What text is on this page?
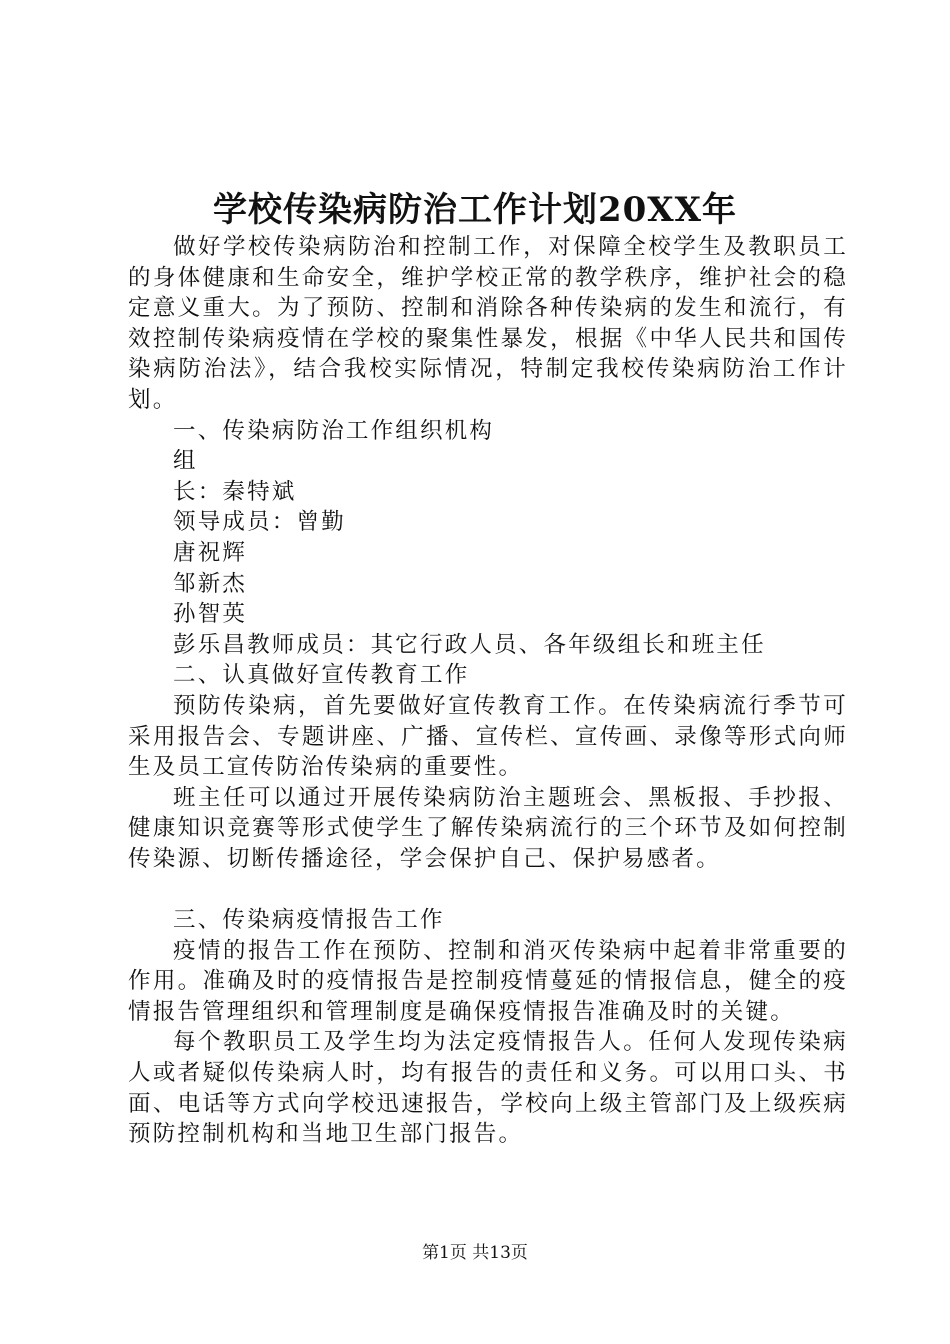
学校传染病防治工作计划20XX年

做好学校传染病防治和控制工作，对保障全校学生及教职员工的身体健康和生命安全，维护学校正常的教学秩序，维护社会的稳定意义重大。为了预防、控制和消除各种传染病的发生和流行，有效控制传染病疫情在学校的聚集性暴发，根据《中华人民共和国传染病防治法》，结合我校实际情况，特制定我校传染病防治工作计划。

一、传染病防治工作组织机构

组

长：秦特斌

领导成员：曾勤

唐祝辉

邹新杰

孙智英

彭乐昌教师成员：其它行政人员、各年级组长和班主任

二、认真做好宣传教育工作

预防传染病，首先要做好宣传教育工作。在传染病流行季节可采用报告会、专题讲座、广播、宣传栏、宣传画、录像等形式向师生及员工宣传防治传染病的重要性。

班主任可以通过开展传染病防治主题班会、黑板报、手抄报、健康知识竞赛等形式使学生了解传染病流行的三个环节及如何控制传染源、切断传播途径，学会保护自己、保护易感者。

三、传染病疫情报告工作

疫情的报告工作在预防、控制和消灭传染病中起着非常重要的作用。准确及时的疫情报告是控制疫情蔓延的情报信息，健全的疫情报告管理组织和管理制度是确保疫情报告准确及时的关键。

每个教职员工及学生均为法定疫情报告人。任何人发现传染病人或者疑似传染病人时，均有报告的责任和义务。可以用口头、书面、电话等方式向学校迅速报告，学校向上级主管部门及上级疾病预防控制机构和当地卫生部门报告。

第1页 共13页
